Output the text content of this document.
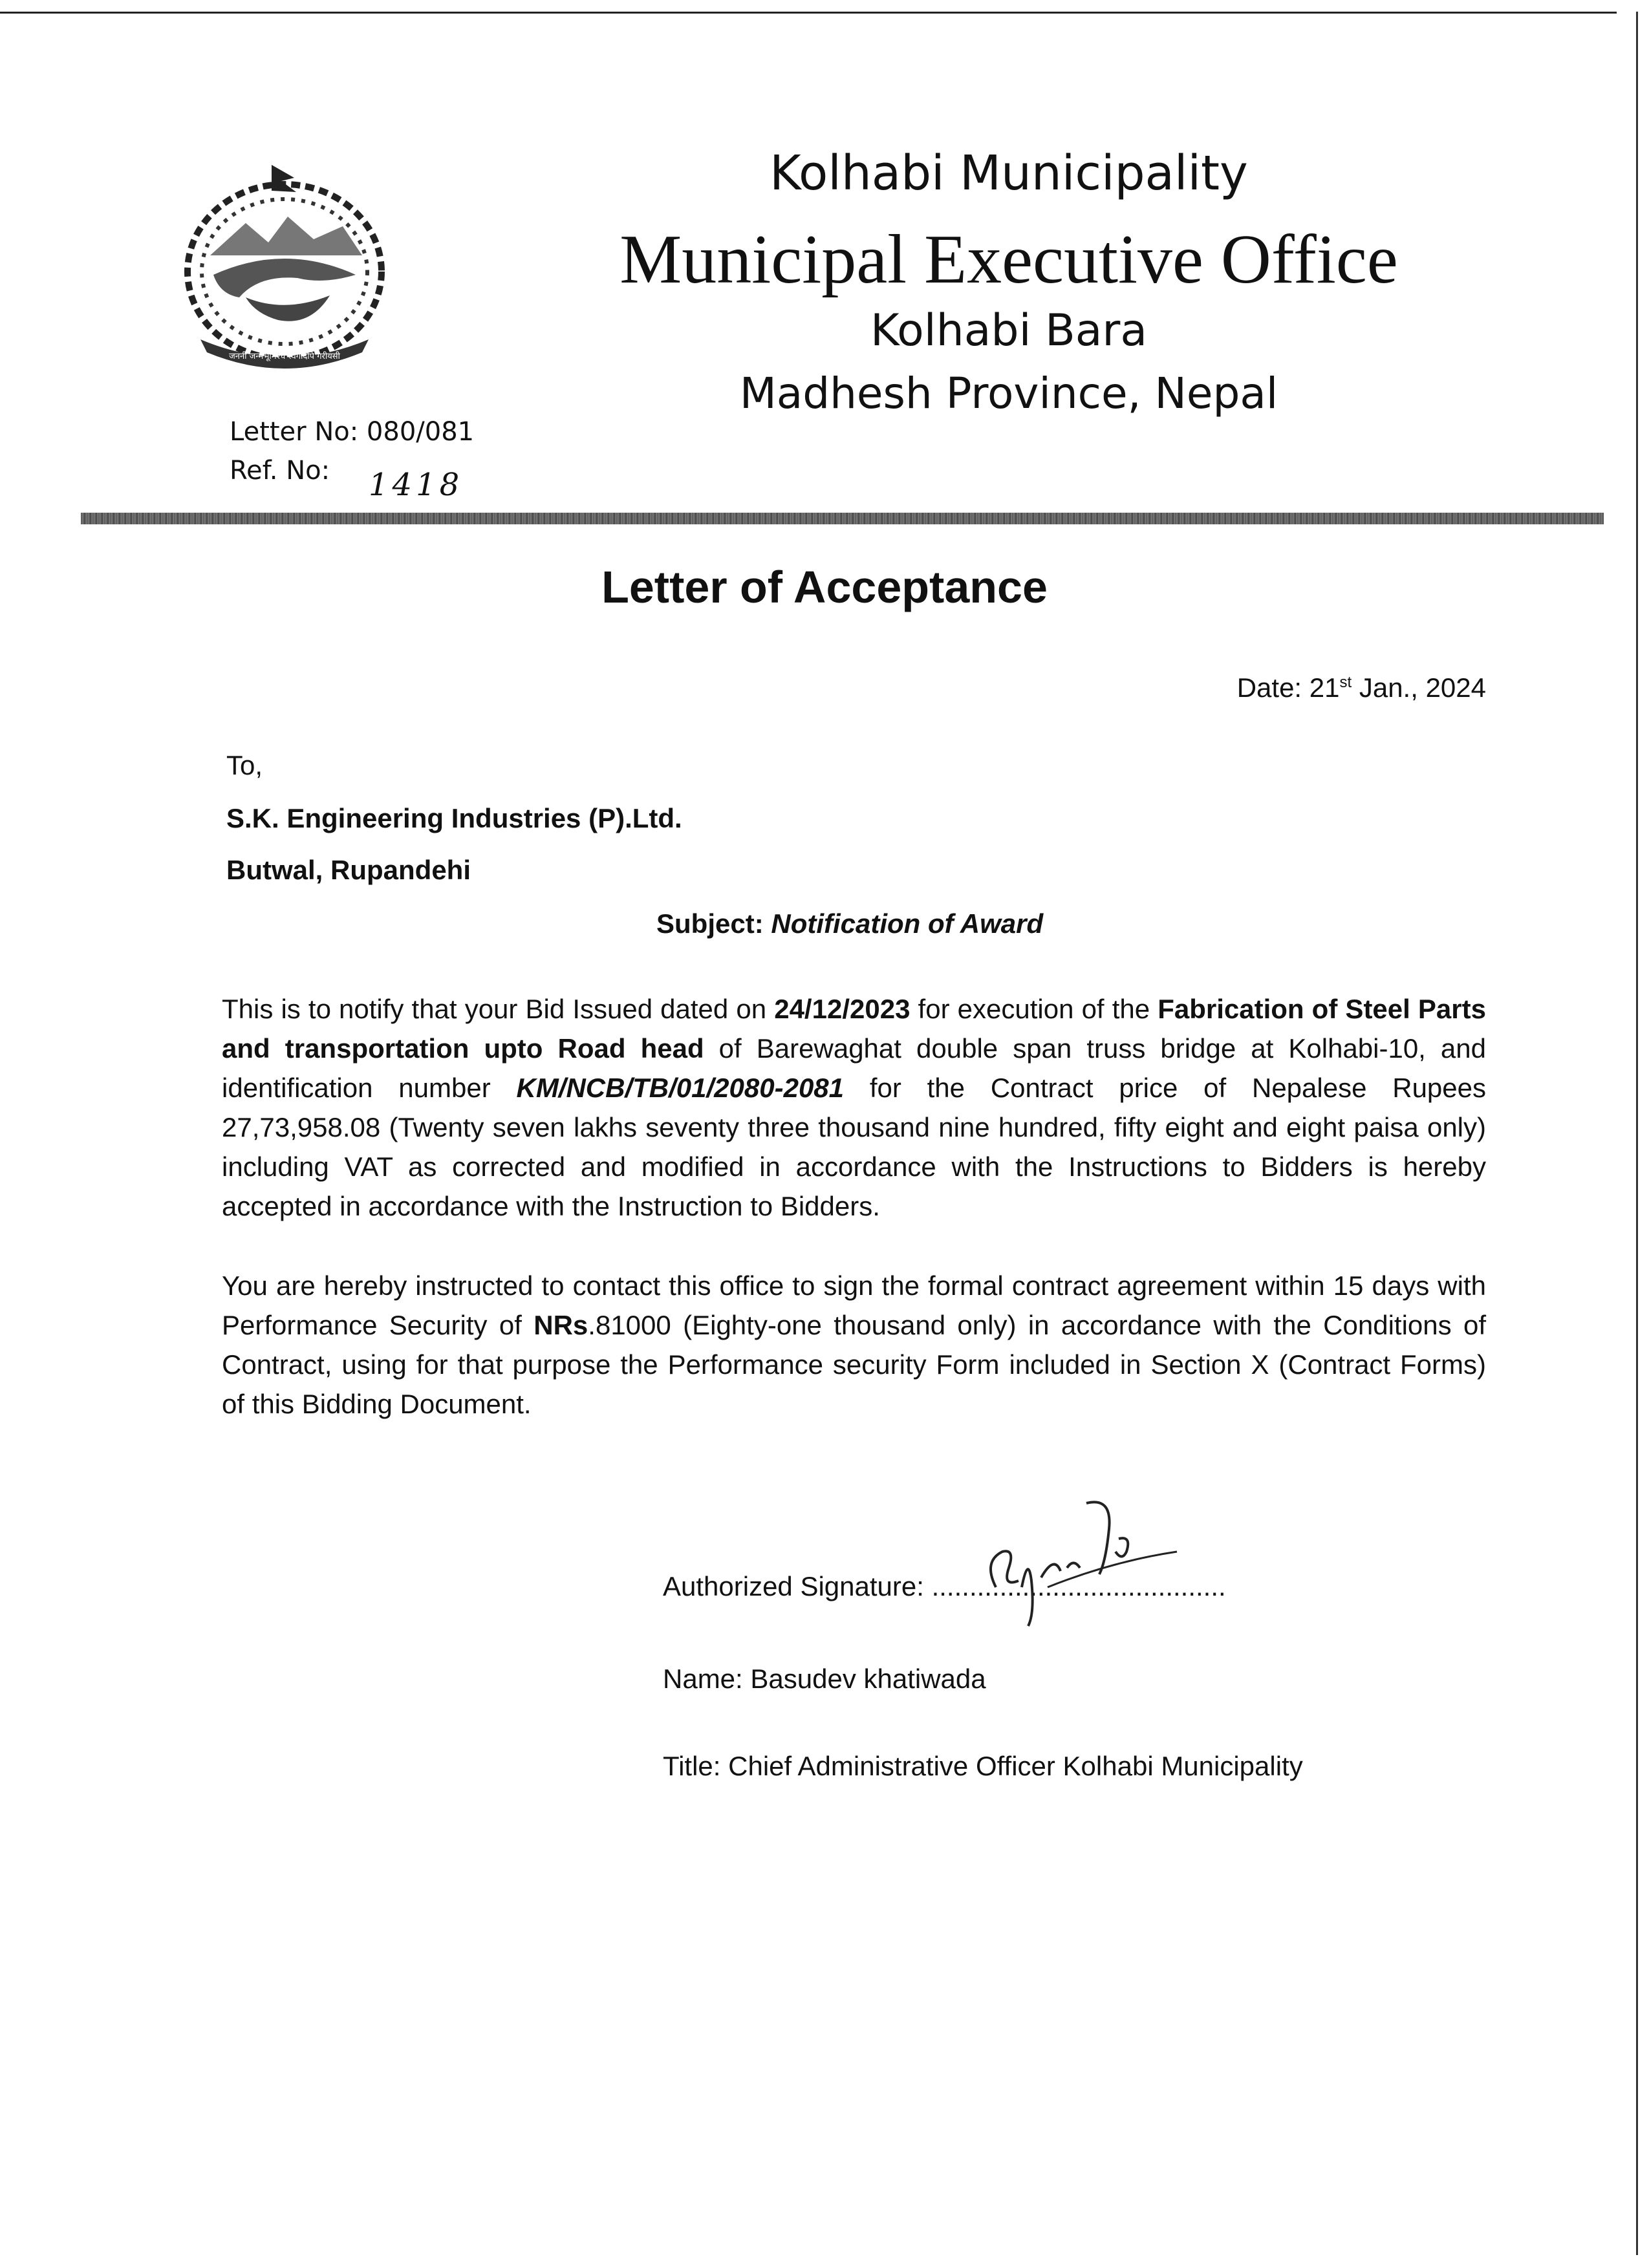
जननी जन्मभूमिश्च स्वर्गादपि गरीयसी
Kolhabi Municipality
Municipal Executive Office
Kolhabi Bara
Madhesh Province, Nepal
Letter No: 080/081
Ref. No: 1418
Letter of Acceptance
Date: 21st Jan., 2024
To,
S.K. Engineering Industries (P).Ltd.
Butwal, Rupandehi
Subject: Notification of Award
This is to notify that your Bid Issued dated on 24/12/2023 for execution of the Fabrication of Steel Parts and transportation upto Road head of Barewaghat double span truss bridge at Kolhabi-10, and identification number KM/NCB/TB/01/2080-2081 for the Contract price of Nepalese Rupees 27,73,958.08 (Twenty seven lakhs seventy three thousand nine hundred, fifty eight and eight paisa only) including VAT as corrected and modified in accordance with the Instructions to Bidders is hereby accepted in accordance with the Instruction to Bidders.
You are hereby instructed to contact this office to sign the formal contract agreement within 15 days with Performance Security of NRs.81000 (Eighty-one thousand only) in accordance with the Conditions of Contract, using for that purpose the Performance security Form included in Section X (Contract Forms) of this Bidding Document.
Authorized Signature: .......................................
Name: Basudev khatiwada
Title: Chief Administrative Officer Kolhabi Municipality
